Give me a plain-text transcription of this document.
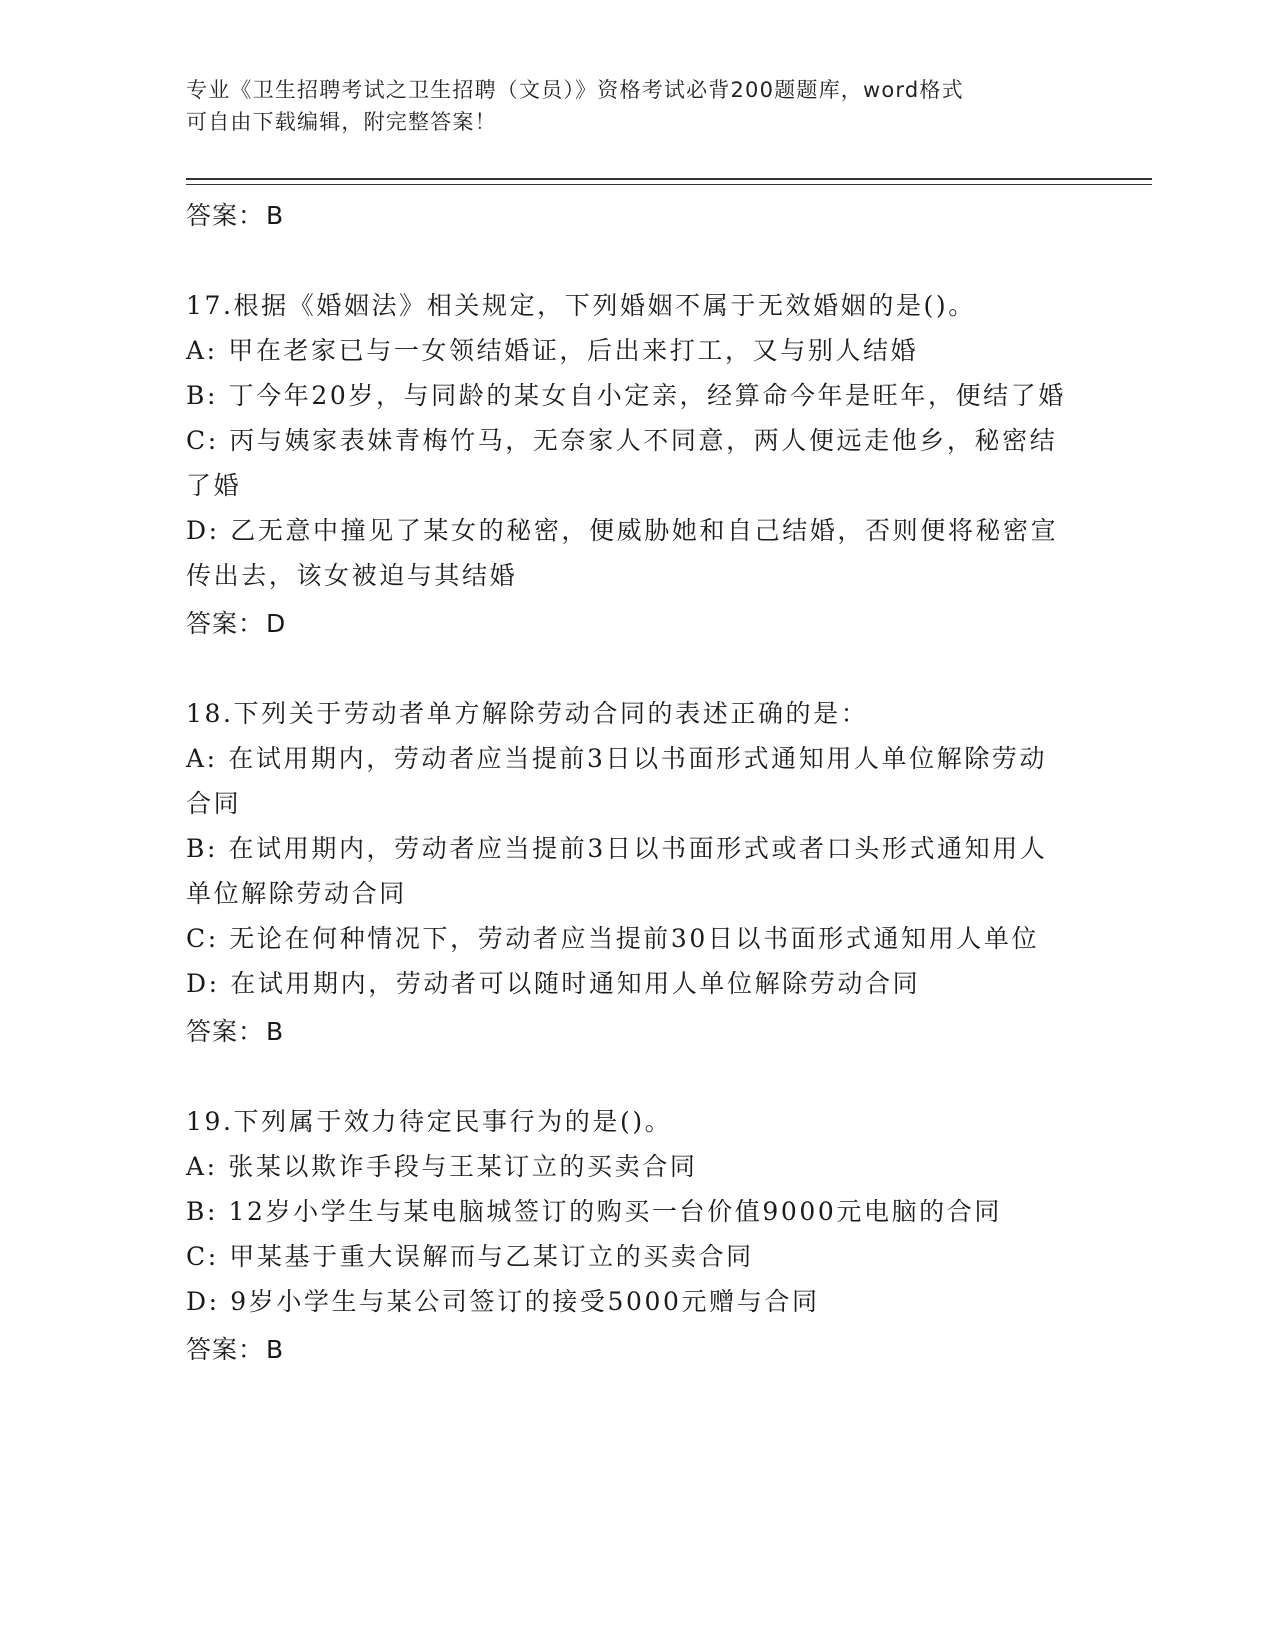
专业《卫生招聘考试之卫生招聘（文员）》资格考试必背200题题库，word格式
可自由下载编辑，附完整答案！
答案：B
17.根据《婚姻法》相关规定，下列婚姻不属于无效婚姻的是()。
A: 甲在老家已与一女领结婚证，后出来打工，又与别人结婚
B: 丁今年20岁，与同龄的某女自小定亲，经算命今年是旺年，便结了婚
C: 丙与姨家表妹青梅竹马，无奈家人不同意，两人便远走他乡，秘密结了婚
D: 乙无意中撞见了某女的秘密，便威胁她和自己结婚，否则便将秘密宣传出去，该女被迫与其结婚
答案：D
18.下列关于劳动者单方解除劳动合同的表述正确的是：
A: 在试用期内，劳动者应当提前3日以书面形式通知用人单位解除劳动合同
B: 在试用期内，劳动者应当提前3日以书面形式或者口头形式通知用人单位解除劳动合同
C: 无论在何种情况下，劳动者应当提前30日以书面形式通知用人单位
D: 在试用期内，劳动者可以随时通知用人单位解除劳动合同
答案：B
19.下列属于效力待定民事行为的是()。
A: 张某以欺诈手段与王某订立的买卖合同
B: 12岁小学生与某电脑城签订的购买一台价值9000元电脑的合同
C: 甲某基于重大误解而与乙某订立的买卖合同
D: 9岁小学生与某公司签订的接受5000元赠与合同
答案：B
